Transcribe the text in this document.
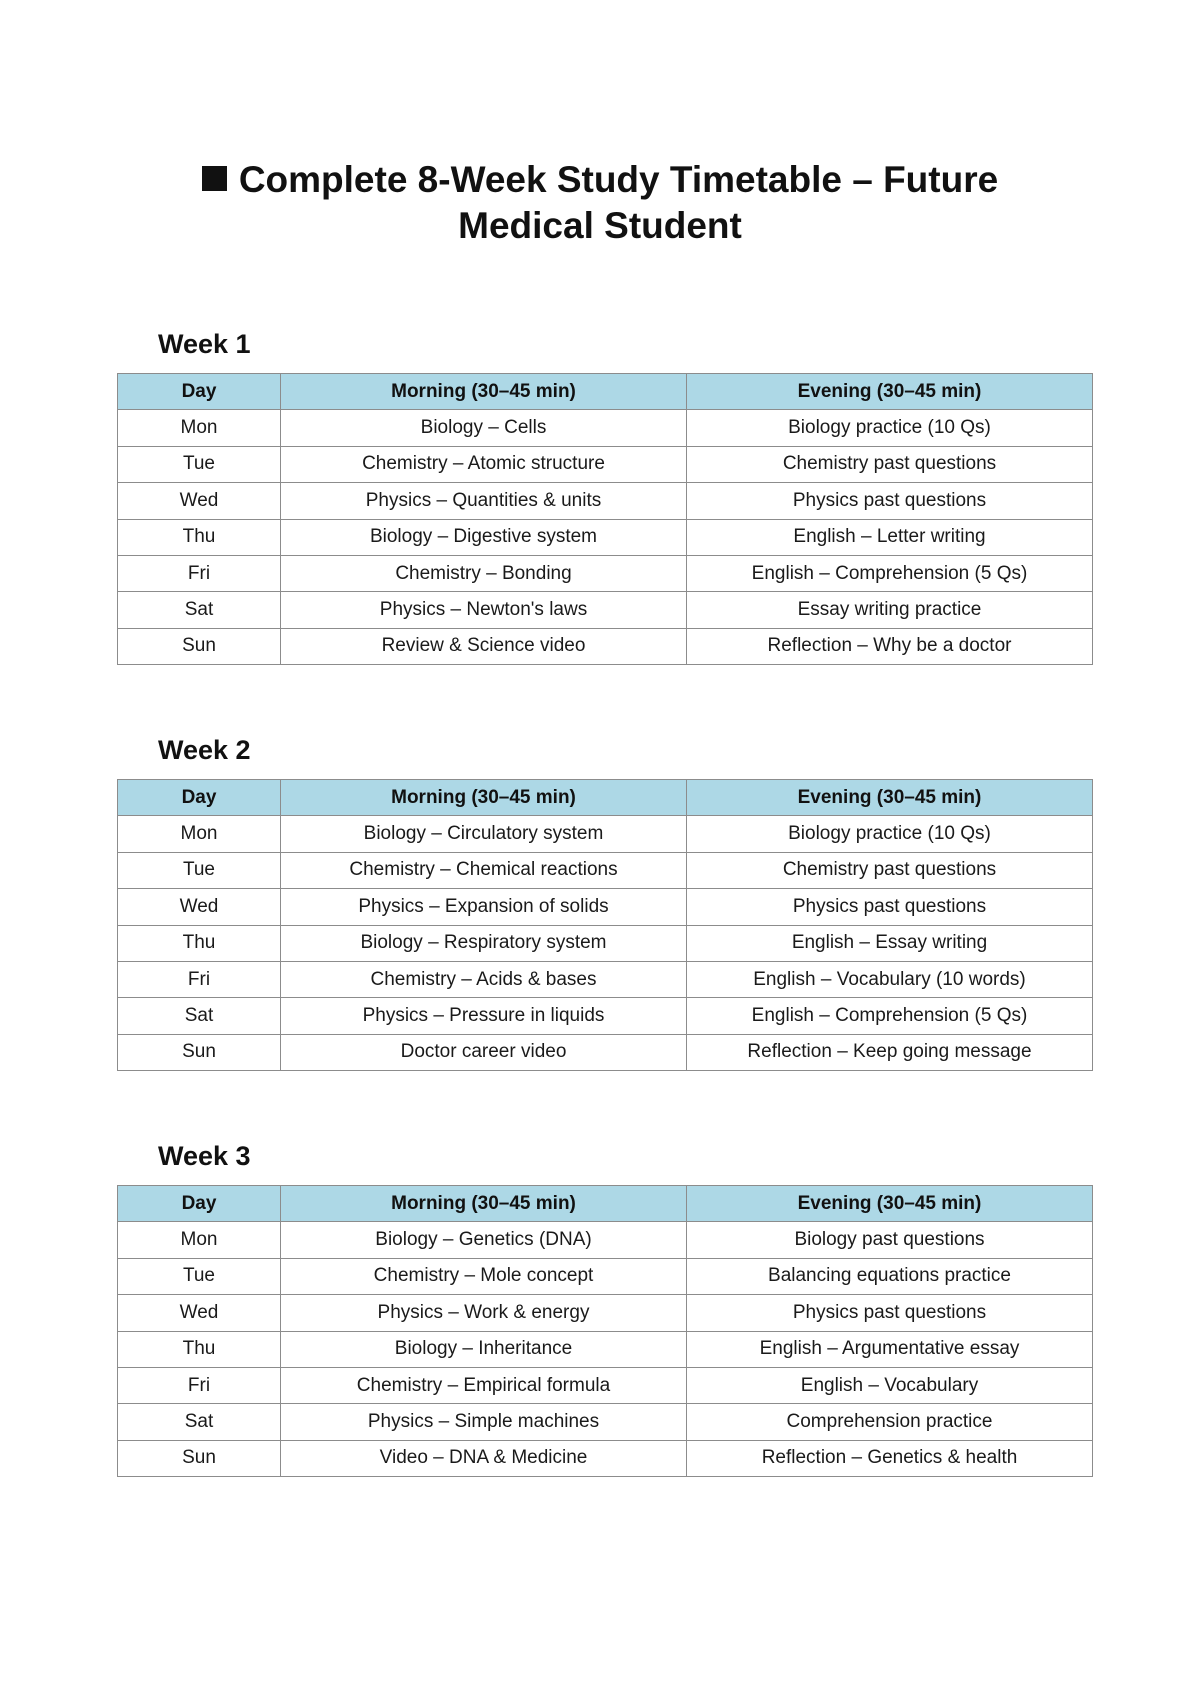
Complete 8-Week Study Timetable – Future Medical Student
Week 1
Day	Morning (30–45 min)	Evening (30–45 min)
Mon	Biology – Cells	Biology practice (10 Qs)
Tue	Chemistry – Atomic structure	Chemistry past questions
Wed	Physics – Quantities & units	Physics past questions
Thu	Biology – Digestive system	English – Letter writing
Fri	Chemistry – Bonding	English – Comprehension (5 Qs)
Sat	Physics – Newton's laws	Essay writing practice
Sun	Review & Science video	Reflection – Why be a doctor
Week 2
Day	Morning (30–45 min)	Evening (30–45 min)
Mon	Biology – Circulatory system	Biology practice (10 Qs)
Tue	Chemistry – Chemical reactions	Chemistry past questions
Wed	Physics – Expansion of solids	Physics past questions
Thu	Biology – Respiratory system	English – Essay writing
Fri	Chemistry – Acids & bases	English – Vocabulary (10 words)
Sat	Physics – Pressure in liquids	English – Comprehension (5 Qs)
Sun	Doctor career video	Reflection – Keep going message
Week 3
Day	Morning (30–45 min)	Evening (30–45 min)
Mon	Biology – Genetics (DNA)	Biology past questions
Tue	Chemistry – Mole concept	Balancing equations practice
Wed	Physics – Work & energy	Physics past questions
Thu	Biology – Inheritance	English – Argumentative essay
Fri	Chemistry – Empirical formula	English – Vocabulary
Sat	Physics – Simple machines	Comprehension practice
Sun	Video – DNA & Medicine	Reflection – Genetics & health
